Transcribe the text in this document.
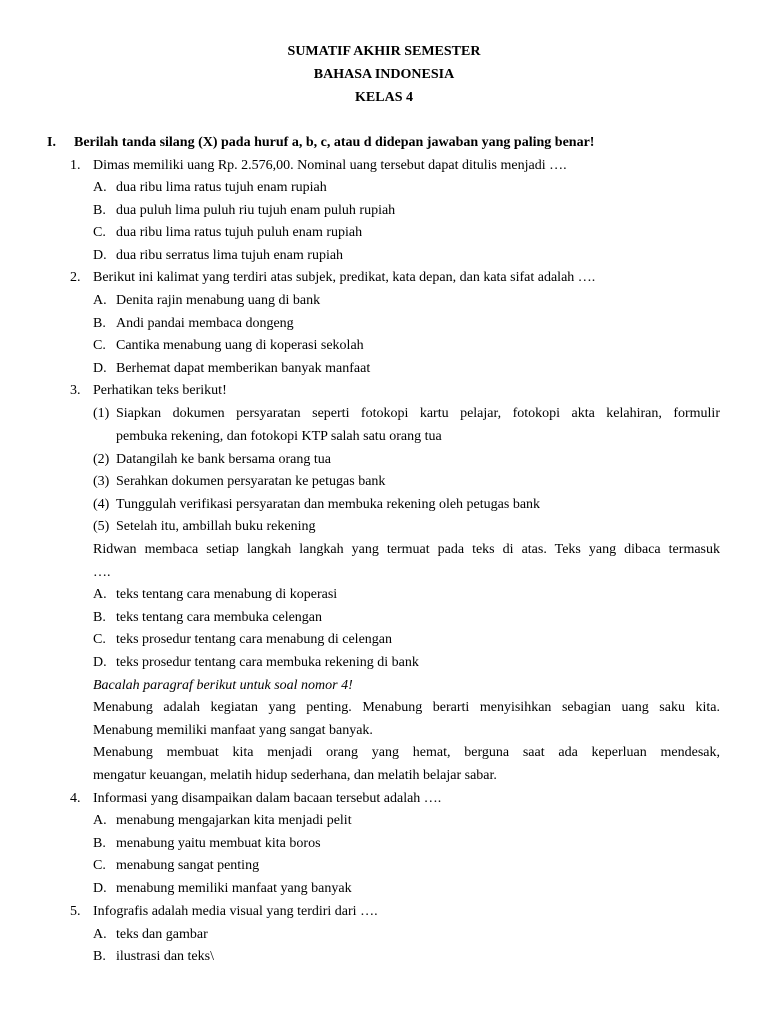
SUMATIF AKHIR SEMESTER
BAHASA INDONESIA
KELAS 4
I. Berilah tanda silang (X) pada huruf a, b, c, atau d didepan jawaban yang paling benar!
1. Dimas memiliki uang Rp. 2.576,00. Nominal uang tersebut dapat ditulis menjadi ….
A. dua ribu lima ratus tujuh enam rupiah
B. dua puluh lima puluh riu tujuh enam puluh rupiah
C. dua ribu lima ratus tujuh puluh enam rupiah
D. dua ribu serratus lima tujuh enam rupiah
2. Berikut ini kalimat yang terdiri atas subjek, predikat, kata depan, dan kata sifat adalah ….
A. Denita rajin menabung uang di bank
B. Andi pandai membaca dongeng
C. Cantika menabung uang di koperasi sekolah
D. Berhemat dapat memberikan banyak manfaat
3. Perhatikan teks berikut!
(1) Siapkan dokumen persyaratan seperti fotokopi kartu pelajar, fotokopi akta kelahiran, formulir
pembuka rekening, dan fotokopi KTP salah satu orang tua
(2) Datangilah ke bank bersama orang tua
(3) Serahkan dokumen persyaratan ke petugas bank
(4) Tunggulah verifikasi persyaratan dan membuka rekening oleh petugas bank
(5) Setelah itu, ambillah buku rekening
Ridwan membaca setiap langkah langkah yang termuat pada teks di atas. Teks yang dibaca termasuk
….
A. teks tentang cara menabung di koperasi
B. teks tentang cara membuka celengan
C. teks prosedur tentang cara menabung di celengan
D. teks prosedur tentang cara membuka rekening di bank
Bacalah paragraf berikut untuk soal nomor 4!
Menabung adalah kegiatan yang penting. Menabung berarti menyisihkan sebagian uang saku kita.
Menabung memiliki manfaat yang sangat banyak.
Menabung membuat kita menjadi orang yang hemat, berguna saat ada keperluan mendesak,
mengatur keuangan, melatih hidup sederhana, dan melatih belajar sabar.
4. Informasi yang disampaikan dalam bacaan tersebut adalah ….
A. menabung mengajarkan kita menjadi pelit
B. menabung yaitu membuat kita boros
C. menabung sangat penting
D. menabung memiliki manfaat yang banyak
5. Infografis adalah media visual yang terdiri dari ….
A. teks dan gambar
B. ilustrasi dan teks\
